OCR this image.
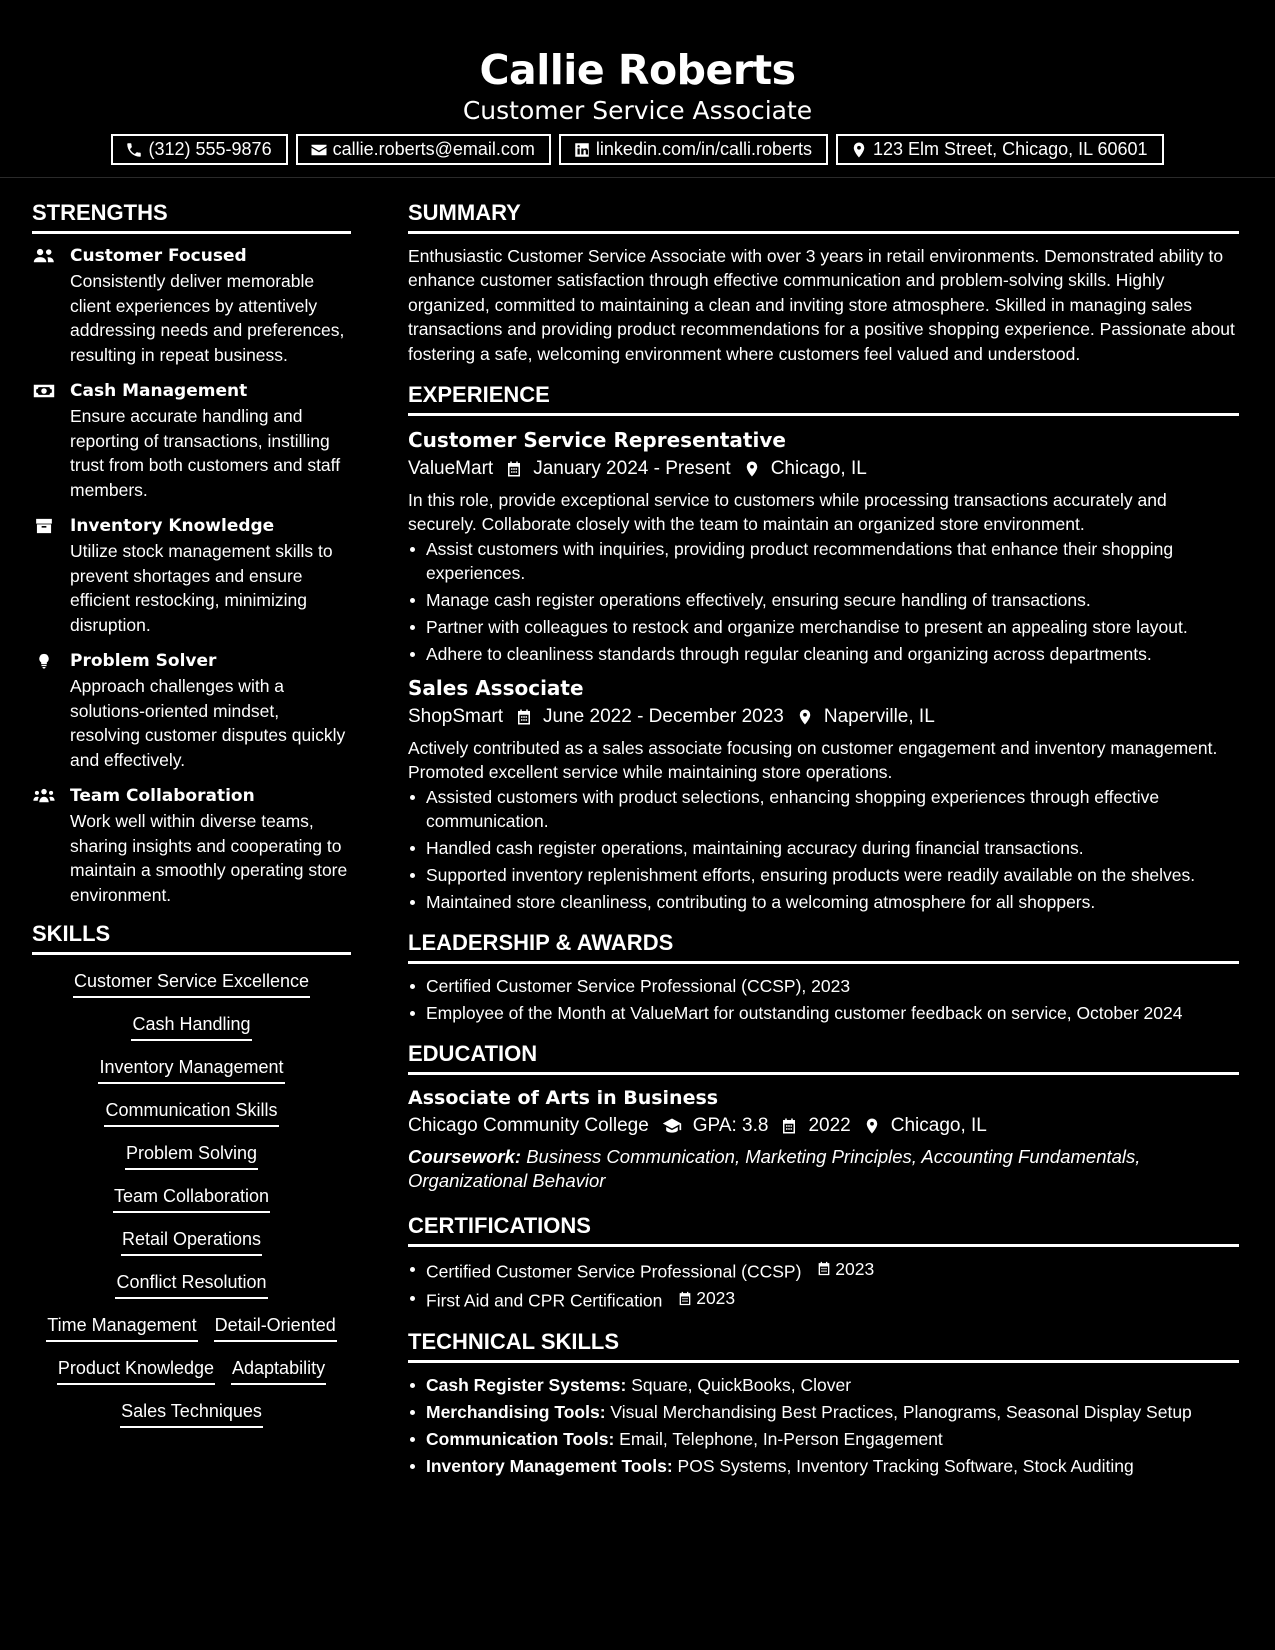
Callie Roberts
Customer Service Associate
(312) 555-9876	callie.roberts@email.com	linkedin.com/in/calli.roberts	123 Elm Street, Chicago, IL 60601
STRENGTHS
Customer Focused
Consistently deliver memorable client experiences by attentively addressing needs and preferences, resulting in repeat business.
Cash Management
Ensure accurate handling and reporting of transactions, instilling trust from both customers and staff members.
Inventory Knowledge
Utilize stock management skills to prevent shortages and ensure efficient restocking, minimizing disruption.
Problem Solver
Approach challenges with a solutions-oriented mindset, resolving customer disputes quickly and effectively.
Team Collaboration
Work well within diverse teams, sharing insights and cooperating to maintain a smoothly operating store environment.
SKILLS
Customer Service Excellence
Cash Handling
Inventory Management
Communication Skills
Problem Solving
Team Collaboration
Retail Operations
Conflict Resolution
Time Management Detail-Oriented
Product Knowledge Adaptability
Sales Techniques
SUMMARY
Enthusiastic Customer Service Associate with over 3 years in retail environments. Demonstrated ability to enhance customer satisfaction through effective communication and problem-solving skills. Highly organized, committed to maintaining a clean and inviting store atmosphere. Skilled in managing sales transactions and providing product recommendations for a positive shopping experience. Passionate about fostering a safe, welcoming environment where customers feel valued and understood.
EXPERIENCE
Customer Service Representative
ValueMart January 2024 - Present Chicago, IL
In this role, provide exceptional service to customers while processing transactions accurately and securely. Collaborate closely with the team to maintain an organized store environment.
Assist customers with inquiries, providing product recommendations that enhance their shopping experiences.
Manage cash register operations effectively, ensuring secure handling of transactions.
Partner with colleagues to restock and organize merchandise to present an appealing store layout.
Adhere to cleanliness standards through regular cleaning and organizing across departments.
Sales Associate
ShopSmart June 2022 - December 2023 Naperville, IL
Actively contributed as a sales associate focusing on customer engagement and inventory management. Promoted excellent service while maintaining store operations.
Assisted customers with product selections, enhancing shopping experiences through effective communication.
Handled cash register operations, maintaining accuracy during financial transactions.
Supported inventory replenishment efforts, ensuring products were readily available on the shelves.
Maintained store cleanliness, contributing to a welcoming atmosphere for all shoppers.
LEADERSHIP & AWARDS
Certified Customer Service Professional (CCSP), 2023
Employee of the Month at ValueMart for outstanding customer feedback on service, October 2024
EDUCATION
Associate of Arts in Business
Chicago Community College GPA: 3.8 2022 Chicago, IL
Coursework: Business Communication, Marketing Principles, Accounting Fundamentals, Organizational Behavior
CERTIFICATIONS
Certified Customer Service Professional (CCSP) 2023
First Aid and CPR Certification 2023
TECHNICAL SKILLS
Cash Register Systems: Square, QuickBooks, Clover
Merchandising Tools: Visual Merchandising Best Practices, Planograms, Seasonal Display Setup
Communication Tools: Email, Telephone, In-Person Engagement
Inventory Management Tools: POS Systems, Inventory Tracking Software, Stock Auditing
